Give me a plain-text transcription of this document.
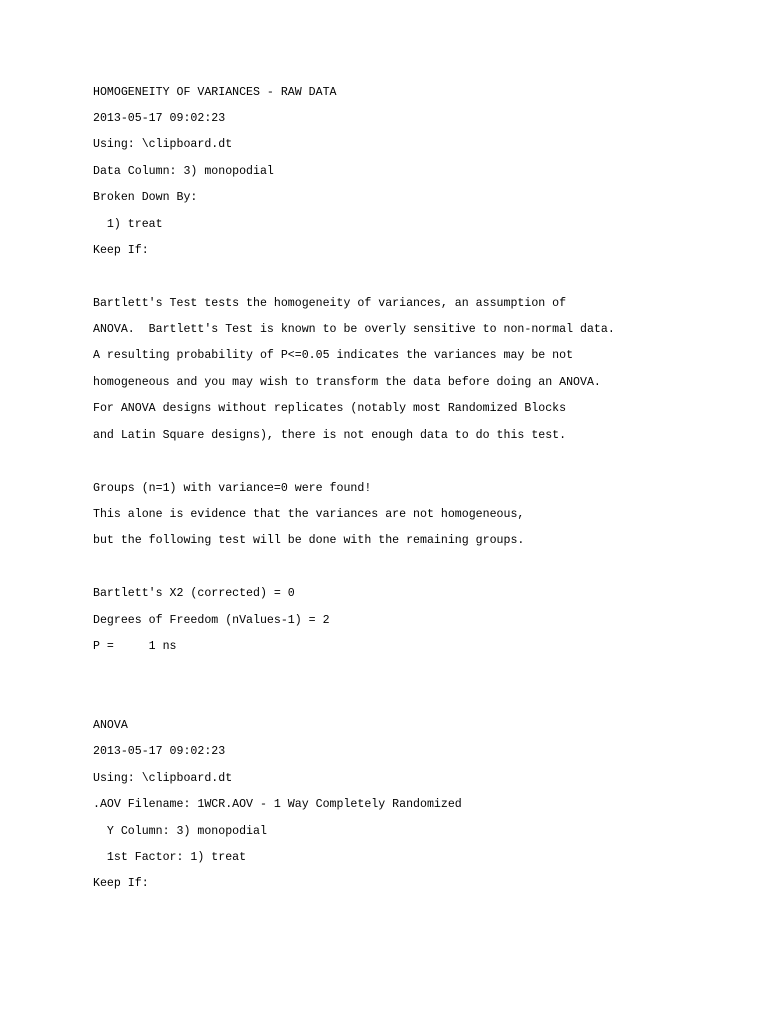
HOMOGENEITY OF VARIANCES - RAW DATA

2013-05-17 09:02:23

Using: \clipboard.dt

Data Column: 3) monopodial

Broken Down By:

1) treat

Keep If:

Bartlett's Test tests the homogeneity of variances, an assumption of

ANOVA.  Bartlett's Test is known to be overly sensitive to non-normal data.

A resulting probability of P<=0.05 indicates the variances may be not

homogeneous and you may wish to transform the data before doing an ANOVA.

For ANOVA designs without replicates (notably most Randomized Blocks

and Latin Square designs), there is not enough data to do this test.

Groups (n=1) with variance=0 were found!

This alone is evidence that the variances are not homogeneous,

but the following test will be done with the remaining groups.

Bartlett's X2 (corrected) = 0

Degrees of Freedom (nValues-1) = 2

P =     1 ns

ANOVA

2013-05-17 09:02:23

Using: \clipboard.dt

.AOV Filename: 1WCR.AOV - 1 Way Completely Randomized

Y Column: 3) monopodial

1st Factor: 1) treat

Keep If:
